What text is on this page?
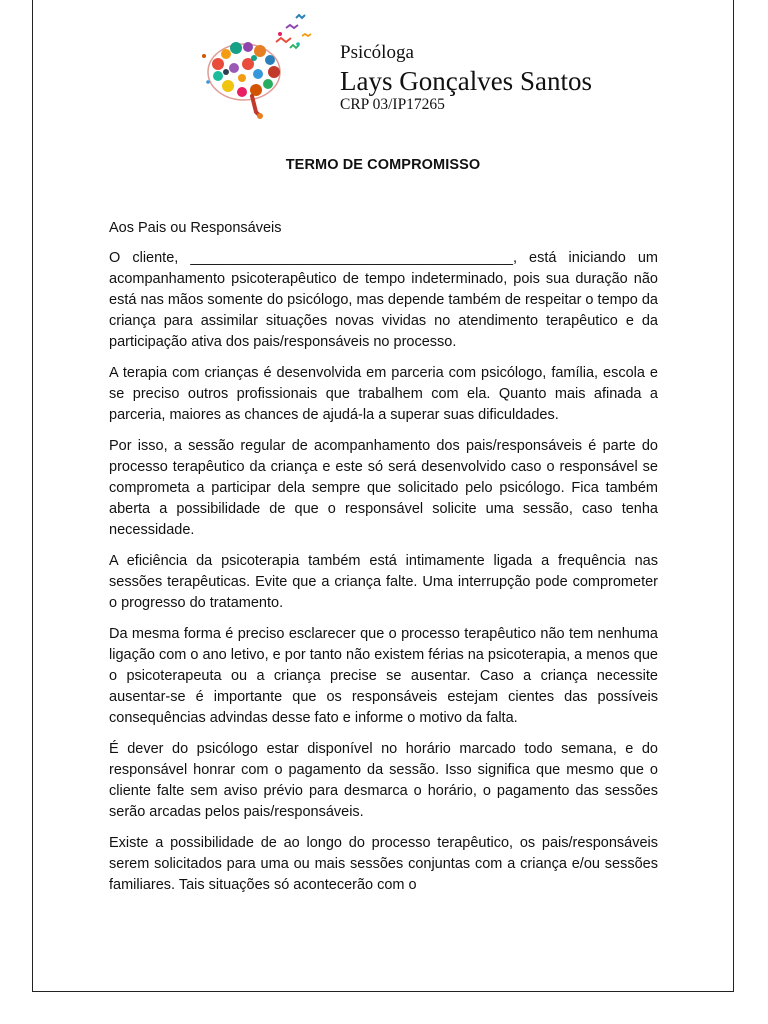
Psicóloga
Lays Gonçalves Santos
CRP 03/IP17265
TERMO DE COMPROMISSO

Aos Pais ou Responsáveis

O cliente, ________________________________________, está iniciando um acompanhamento psicoterapêutico de tempo indeterminado, pois sua duração não está nas mãos somente do psicólogo, mas depende também de respeitar o tempo da criança para assimilar situações novas vividas no atendimento terapêutico e da participação ativa dos pais/responsáveis no processo.

A terapia com crianças é desenvolvida em parceria com psicólogo, família, escola e se preciso outros profissionais que trabalhem com ela. Quanto mais afinada a parceria, maiores as chances de ajudá-la a superar suas dificuldades.

Por isso, a sessão regular de acompanhamento dos pais/responsáveis é parte do processo terapêutico da criança e este só será desenvolvido caso o responsável se comprometa a participar dela sempre que solicitado pelo psicólogo. Fica também aberta a possibilidade de que o responsável solicite uma sessão, caso tenha necessidade.

A eficiência da psicoterapia também está intimamente ligada a frequência nas sessões terapêuticas. Evite que a criança falte. Uma interrupção pode comprometer o progresso do tratamento.

Da mesma forma é preciso esclarecer que o processo terapêutico não tem nenhuma ligação com o ano letivo, e por tanto não existem férias na psicoterapia, a menos que o psicoterapeuta ou a criança precise se ausentar. Caso a criança necessite ausentar-se é importante que os responsáveis estejam cientes das possíveis consequências advindas desse fato e informe o motivo da falta.

É dever do psicólogo estar disponível no horário marcado todo semana, e do responsável honrar com o pagamento da sessão. Isso significa que mesmo que o cliente falte sem aviso prévio para desmarca o horário, o pagamento das sessões serão arcadas pelos pais/responsáveis.

Existe a possibilidade de ao longo do processo terapêutico, os pais/responsáveis serem solicitados para uma ou mais sessões conjuntas com a criança e/ou sessões familiares. Tais situações só acontecerão com o
